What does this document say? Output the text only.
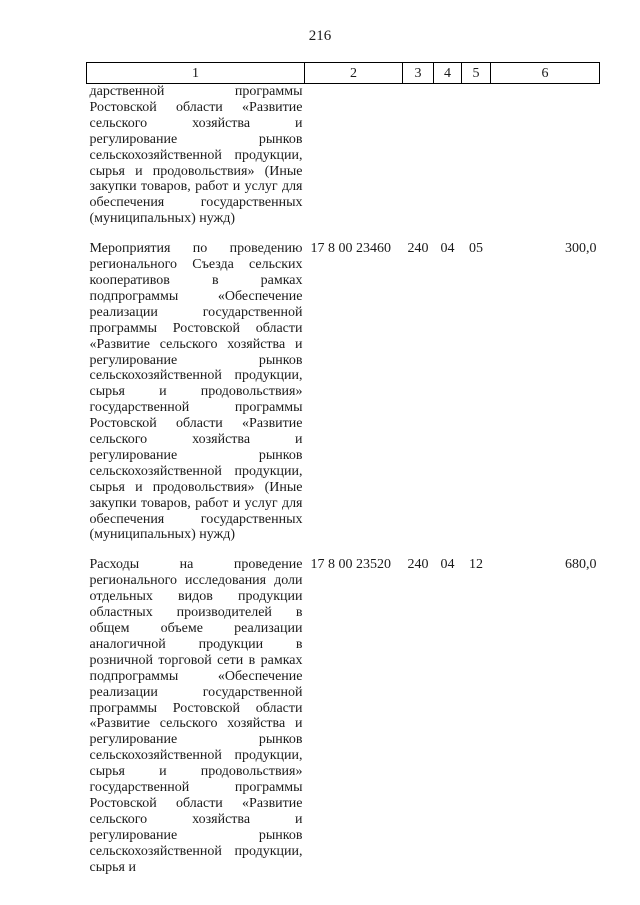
216
1	2	3	4	5	6
дарственной программы Ростовской области «Развитие сельского хозяйства и регулирование рынков сельскохозяйственной продукции, сырья и продовольствия» (Иные закупки товаров, работ и услуг для обеспечения государственных (муниципальных) нужд)					

Мероприятия по проведению регионального Съезда сельских кооперативов в рамках подпрограммы «Обеспечение реализации государственной программы Ростовской области «Развитие сельского хозяйства и регулирование рынков сельскохозяйственной продукции, сырья и продовольствия» государственной программы Ростовской области «Развитие сельского хозяйства и регулирование рынков сельскохозяйственной продукции, сырья и продовольствия» (Иные закупки товаров, работ и услуг для обеспечения государственных (муниципальных) нужд)	17 8 00 23460	240	04	05	300,0

Расходы на проведение регионального исследования доли отдельных видов продукции областных производителей в общем объеме реализации аналогичной продукции в розничной торговой сети в рамках подпрограммы «Обеспечение реализации государственной программы Ростовской области «Развитие сельского хозяйства и регулирование рынков сельскохозяйственной продукции, сырья и продовольствия» государственной программы Ростовской области «Развитие сельского хозяйства и регулирование рынков сельскохозяйственной продукции, сырья и	17 8 00 23520	240	04	12	680,0
